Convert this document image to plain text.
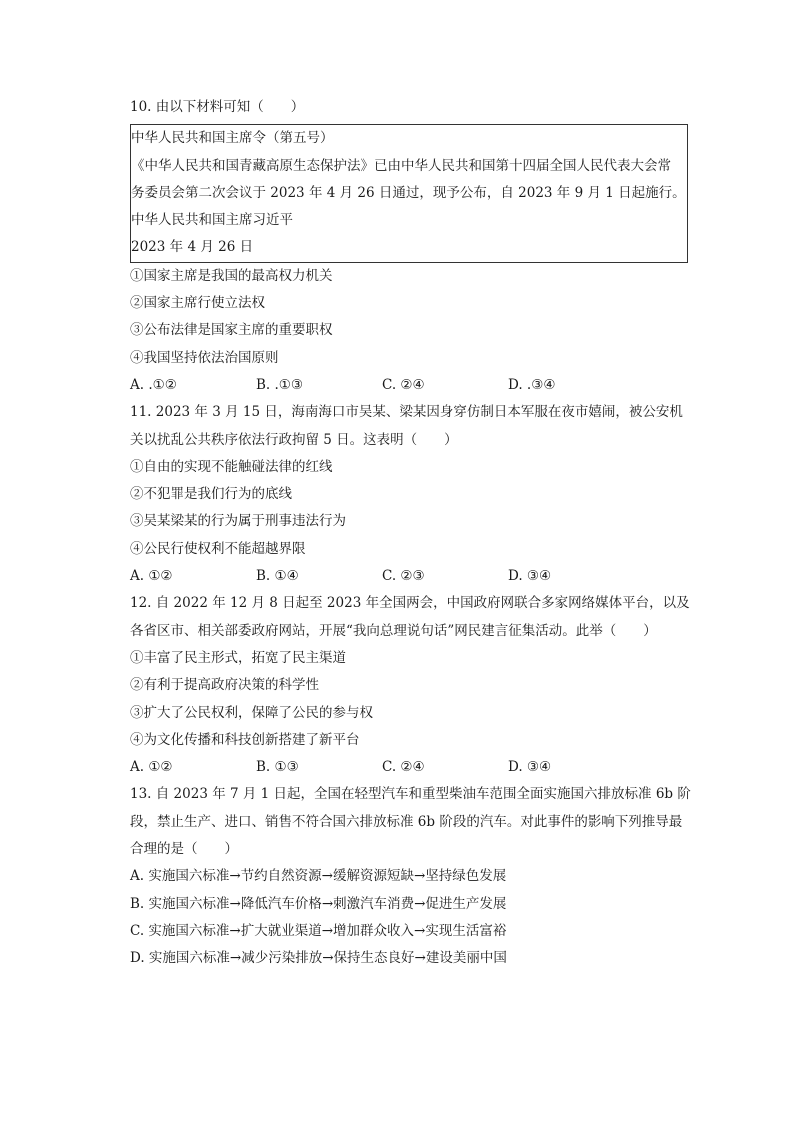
10. 由以下材料可知（　　）
中华人民共和国主席令（第五号）
《中华人民共和国青藏高原生态保护法》已由中华人民共和国第十四届全国人民代表大会常
务委员会第二次会议于 2023 年 4 月 26 日通过，现予公布，自 2023 年 9 月 1 日起施行。
中华人民共和国主席习近平
2023 年 4 月 26 日
①国家主席是我国的最高权力机关
②国家主席行使立法权
③公布法律是国家主席的重要职权
④我国坚持依法治国原则
A. .①②	B. .①③	C. ②④	D. .③④
11. 2023 年 3 月 15 日，海南海口市吴某、梁某因身穿仿制日本军服在夜市嬉闹，被公安机
关以扰乱公共秩序依法行政拘留 5 日。这表明（　　）
①自由的实现不能触碰法律的红线
②不犯罪是我们行为的底线
③吴某梁某的行为属于刑事违法行为
④公民行使权利不能超越界限
A. ①②	B. ①④	C. ②③	D. ③④
12. 自 2022 年 12 月 8 日起至 2023 年全国两会，中国政府网联合多家网络媒体平台，以及
各省区市、相关部委政府网站，开展“我向总理说句话”网民建言征集活动。此举（　　）
①丰富了民主形式，拓宽了民主渠道
②有利于提高政府决策的科学性
③扩大了公民权利，保障了公民的参与权
④为文化传播和科技创新搭建了新平台
A. ①②	B. ①③	C. ②④	D. ③④
13. 自 2023 年 7 月 1 日起，全国在轻型汽车和重型柴油车范围全面实施国六排放标准 6b 阶
段，禁止生产、进口、销售不符合国六排放标准 6b 阶段的汽车。对此事件的影响下列推导最
合理的是（　　）
A. 实施国六标准→节约自然资源→缓解资源短缺→坚持绿色发展
B. 实施国六标准→降低汽车价格→刺激汽车消费→促进生产发展
C. 实施国六标准→扩大就业渠道→增加群众收入→实现生活富裕
D. 实施国六标准→减少污染排放→保持生态良好→建设美丽中国
